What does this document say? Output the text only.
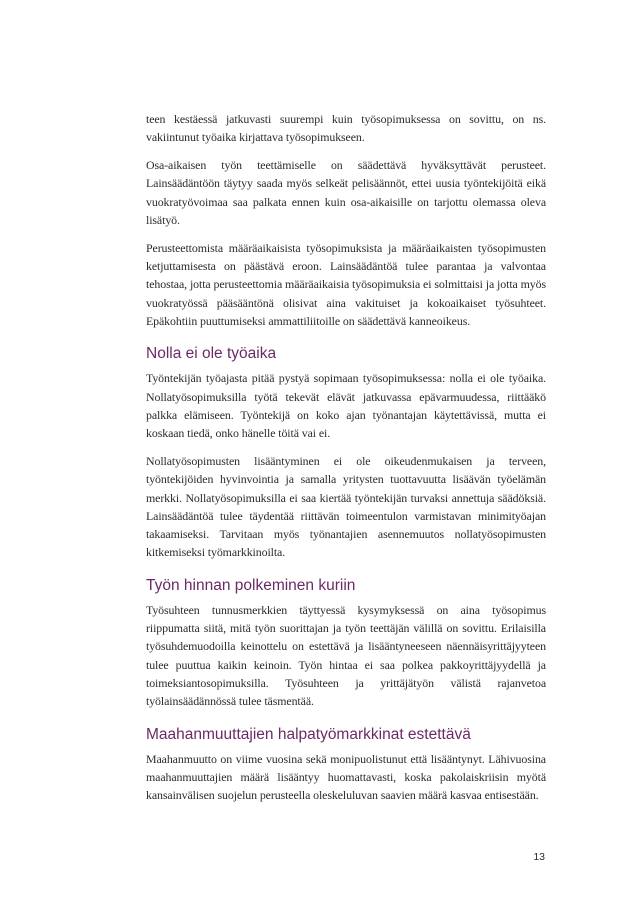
teen kestäessä jatkuvasti suurempi kuin työsopimuksessa on sovittu, on ns. vakiintunut työaika kirjattava työsopimukseen.

Osa-aikaisen työn teettämiselle on säädettävä hyväksyttävät perusteet. Lainsäädäntöön täytyy saada myös selkeät pelisäännöt, ettei uusia työntekijöitä eikä vuokratyövoimaa saa palkata ennen kuin osa-aikaisille on tarjottu olemassa oleva lisätyö.

Perusteettomista määräaikaisista työsopimuksista ja määräaikaisten työsopimusten ketjuttamisesta on päästävä eroon. Lainsäädäntöä tulee parantaa ja valvontaa tehostaa, jotta perusteettomia määräaikaisia työsopimuksia ei solmittaisi ja jotta myös vuokratyössä pääsääntönä olisivat aina vakituiset ja kokoaikaiset työsuhteet. Epäkohtiin puuttumiseksi ammattiliitoille on säädettävä kanneoikeus.

Nolla ei ole työaika

Työntekijän työajasta pitää pystyä sopimaan työsopimuksessa: nolla ei ole työaika. Nollatyösopimuksilla työtä tekevät elävät jatkuvassa epävarmuudessa, riittääkö palkka elämiseen. Työntekijä on koko ajan työnantajan käytettävissä, mutta ei koskaan tiedä, onko hänelle töitä vai ei.

Nollatyösopimusten lisääntyminen ei ole oikeudenmukaisen ja terveen, työntekijöiden hyvinvointia ja samalla yritysten tuottavuutta lisäävän työelämän merkki. Nollatyösopimuksilla ei saa kiertää työntekijän turvaksi annettuja säädöksiä. Lainsäädäntöä tulee täydentää riittävän toimeentulon varmistavan minimityöajan takaamiseksi. Tarvitaan myös työnantajien asennemuutos nollatyösopimusten kitkemiseksi työmarkkinoilta.

Työn hinnan polkeminen kuriin

Työsuhteen tunnusmerkkien täyttyessä kysymyksessä on aina työsopimus riippumatta siitä, mitä työn suorittajan ja työn teettäjän välillä on sovittu. Erilaisilla työsuhdemuodoilla keinottelu on estettävä ja lisääntyneeseen näennäisyrittäjyyteen tulee puuttua kaikin keinoin. Työn hintaa ei saa polkea pakkoyrittäjyydellä ja toimeksiantosopimuksilla. Työsuhteen ja yrittäjätyön välistä rajanvetoa työlainsäädännössä tulee täsmentää.

Maahanmuuttajien halpatyömarkkinat estettävä

Maahanmuutto on viime vuosina sekä monipuolistunut että lisääntynyt. Lähivuosina maahanmuuttajien määrä lisääntyy huomattavasti, koska pakolaiskriisin myötä kansainvälisen suojelun perusteella oleskeluluvan saavien määrä kasvaa entisestään.

13
